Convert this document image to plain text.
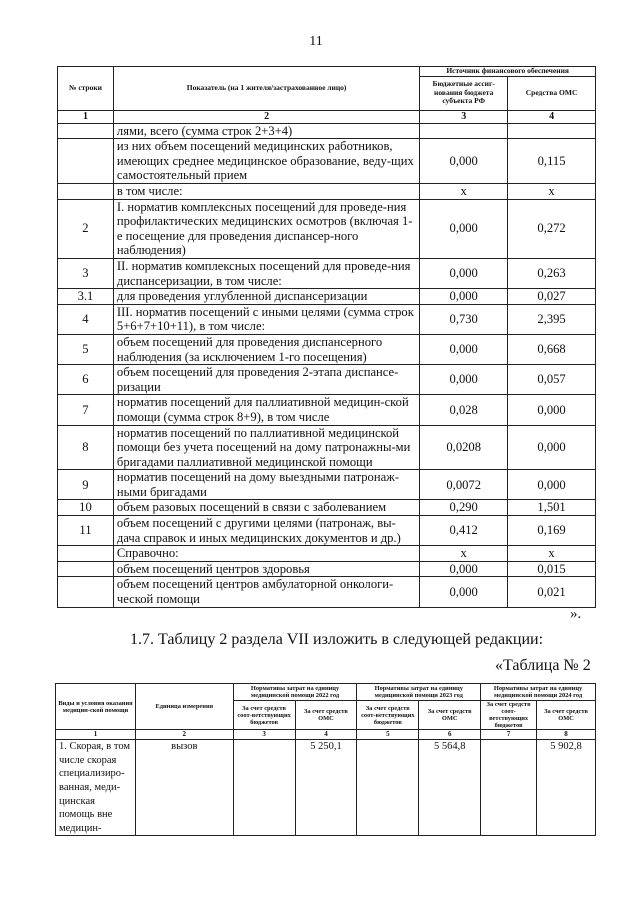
11
№ строки	Показатель (на 1 жителя/застрахованное лицо)	Источник финансового обеспечения	
		Бюджетные ассиг-нования бюджета субъекта РФ	Средства ОМС
1	2	3	4
	лями, всего (сумма строк 2+3+4)		
	из них объем посещений медицинских работников, имеющих среднее медицинское образование, веду-щих самостоятельный прием	0,000	0,115
	в том числе:	х	х
2	I. норматив комплексных посещений для проведе-ния профилактических медицинских осмотров (включая 1-е посещение для проведения диспансер-ного наблюдения)	0,000	0,272
3	II. норматив комплексных посещений для проведе-ния диспансеризации, в том числе:	0,000	0,263
3.1	для проведения углубленной диспансеризации	0,000	0,027
4	III. норматив посещений с иными целями (сумма строк 5+6+7+10+11), в том числе:	0,730	2,395
5	объем посещений для проведения диспансерного наблюдения (за исключением 1-го посещения)	0,000	0,668
6	объем посещений для проведения 2-этапа диспансе-ризации	0,000	0,057
7	норматив посещений для паллиативной медицин-ской помощи (сумма строк 8+9), в том числе	0,028	0,000
8	норматив посещений по паллиативной медицинской помощи без учета посещений на дому патронажны-ми бригадами паллиативной медицинской помощи	0,0208	0,000
9	норматив посещений на дому выездными патронаж-ными бригадами	0,0072	0,000
10	объем разовых посещений в связи с заболеванием	0,290	1,501
11	объем посещений с другими целями (патронаж, вы-дача справок и иных медицинских документов и др.)	0,412	0,169
	Справочно:	х	х
	объем посещений центров здоровья	0,000	0,015
	объем посещений центров амбулаторной онкологи-ческой помощи	0,000	0,021
».
1.7. Таблицу 2 раздела VII изложить в следующей редакции:
«Таблица № 2
Виды и условия оказания медицин-ской помощи	Единица измерения	Нормативы затрат на единицу медицинской помощи 2022 год		Нормативы затрат на единицу медицинской помощи 2023 год		Нормативы затрат на единицу медицинской помощи 2024 год	
		За счет средств соот-ветствующих бюджетов	За счет средств ОМС	За счет средств соот-ветствующих бюджетов	За счет средств ОМС	За счет средств соот-ветствующих бюджетов	За счет средств ОМС
1	2	3	4	5	6	7	8
1. Скорая, в том числе скорая специализиро-ванная, меди-цинская помощь вне медицин-	вызов		5 250,1		5 564,8		5 902,8
